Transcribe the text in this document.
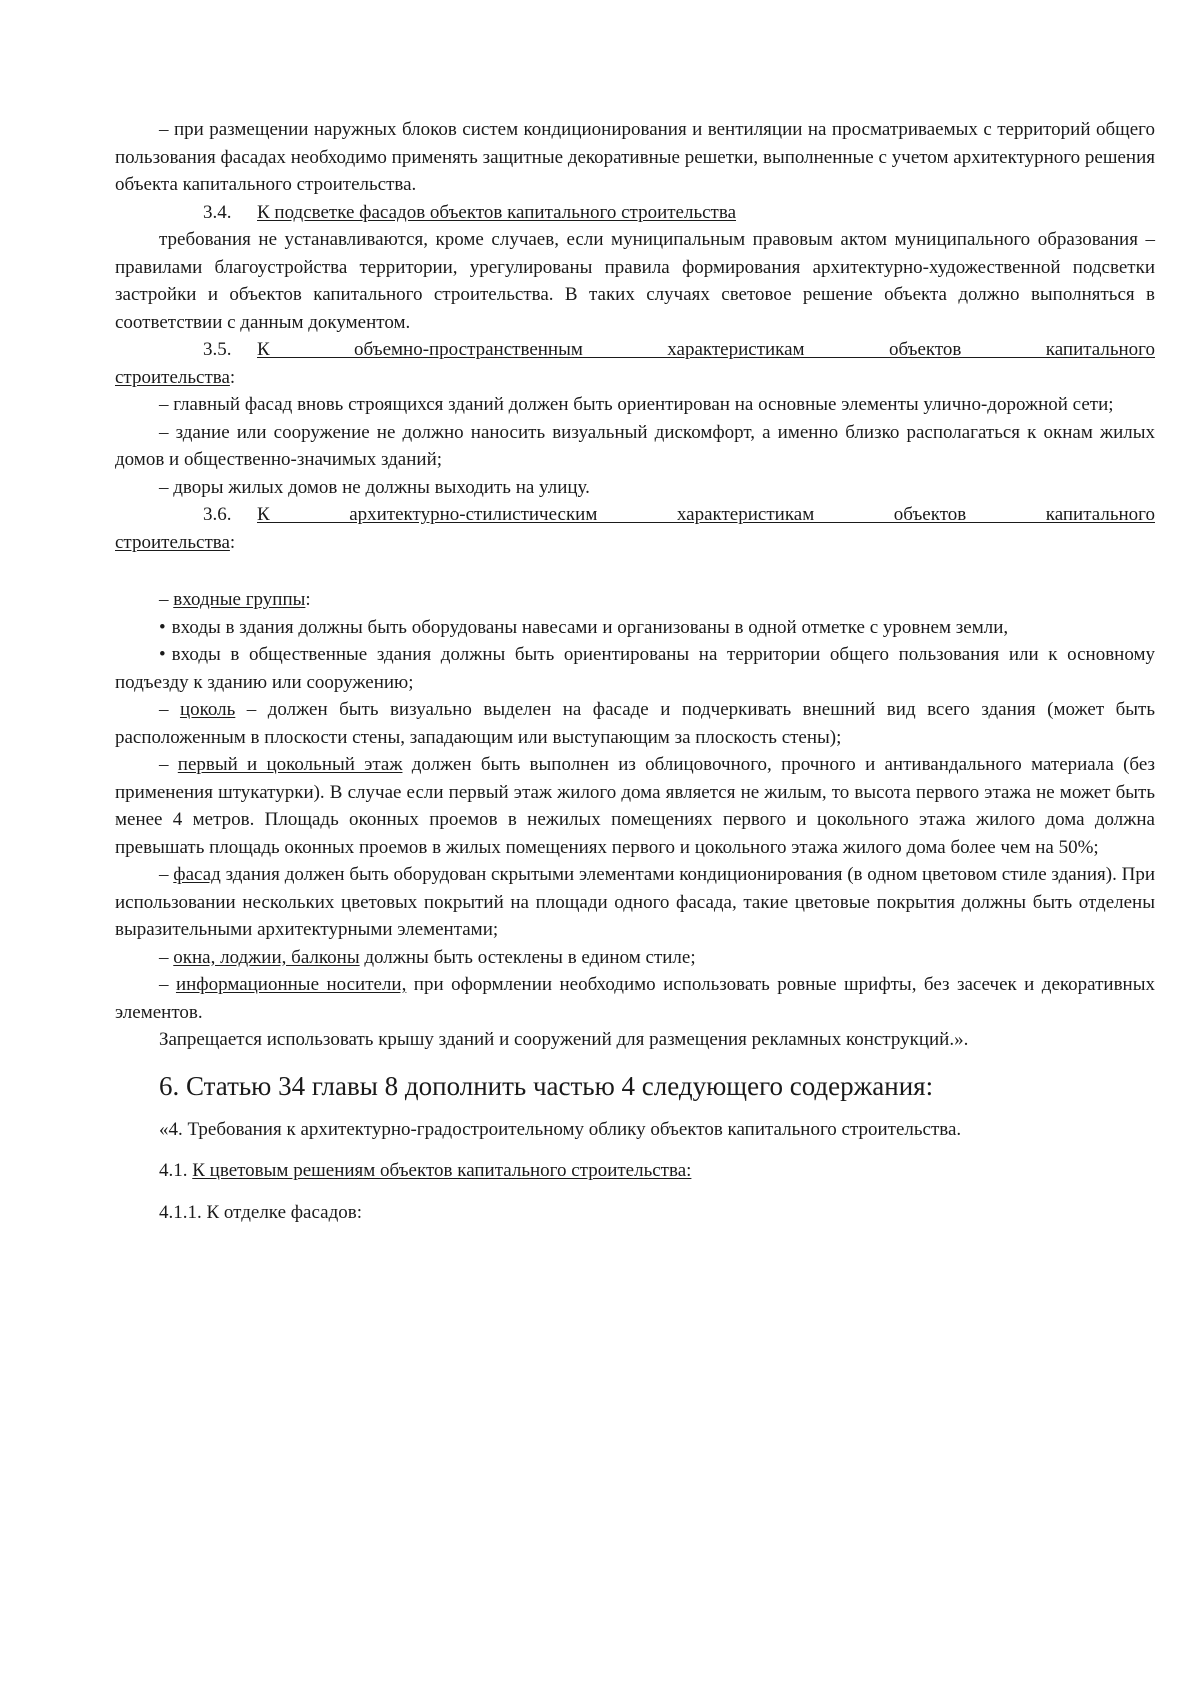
– при размещении наружных блоков систем кондиционирования и вентиляции на просматриваемых с территорий общего пользования фасадах необходимо применять защитные декоративные решетки, выполненные с учетом архитектурного решения объекта капитального строительства.

3.4. К подсветке фасадов объектов капитального строительства

требования не устанавливаются, кроме случаев, если муниципальным правовым актом муниципального образования – правилами благоустройства территории, урегулированы правила формирования архитектурно-художественной подсветки застройки и объектов капитального строительства. В таких случаях световое решение объекта должно выполняться в соответствии с данным документом.

3.5. К объемно-пространственным характеристикам объектов капитального

строительства:

– главный фасад вновь строящихся зданий должен быть ориентирован на основные элементы улично-дорожной сети;

– здание или сооружение не должно наносить визуальный дискомфорт, а именно близко располагаться к окнам жилых домов и общественно-значимых зданий;

– дворы жилых домов не должны выходить на улицу.

3.6. К архитектурно-стилистическим характеристикам объектов капитального

строительства:

– входные группы:

• входы в здания должны быть оборудованы навесами и организованы в одной отметке с уровнем земли,

• входы в общественные здания должны быть ориентированы на территории общего пользования или к основному подъезду к зданию или сооружению;

– цоколь – должен быть визуально выделен на фасаде и подчеркивать внешний вид всего здания (может быть расположенным в плоскости стены, западающим или выступающим за плоскость стены);

– первый и цокольный этаж должен быть выполнен из облицовочного, прочного и антивандального материала (без применения штукатурки). В случае если первый этаж жилого дома является не жилым, то высота первого этажа не может быть менее 4 метров. Площадь оконных проемов в нежилых помещениях первого и цокольного этажа жилого дома должна превышать площадь оконных проемов в жилых помещениях первого и цокольного этажа жилого дома более чем на 50%;

– фасад здания должен быть оборудован скрытыми элементами кондиционирования (в одном цветовом стиле здания). При использовании нескольких цветовых покрытий на площади одного фасада, такие цветовые покрытия должны быть отделены выразительными архитектурными элементами;

– окна, лоджии, балконы должны быть остеклены в едином стиле;

– информационные носители, при оформлении необходимо использовать ровные шрифты, без засечек и декоративных элементов.

Запрещается использовать крышу зданий и сооружений для размещения рекламных конструкций.».

6. Статью 34 главы 8 дополнить частью 4 следующего содержания:

«4. Требования к архитектурно-градостроительному облику объектов капитального строительства.

4.1. К цветовым решениям объектов капитального строительства:

4.1.1. К отделке фасадов:
